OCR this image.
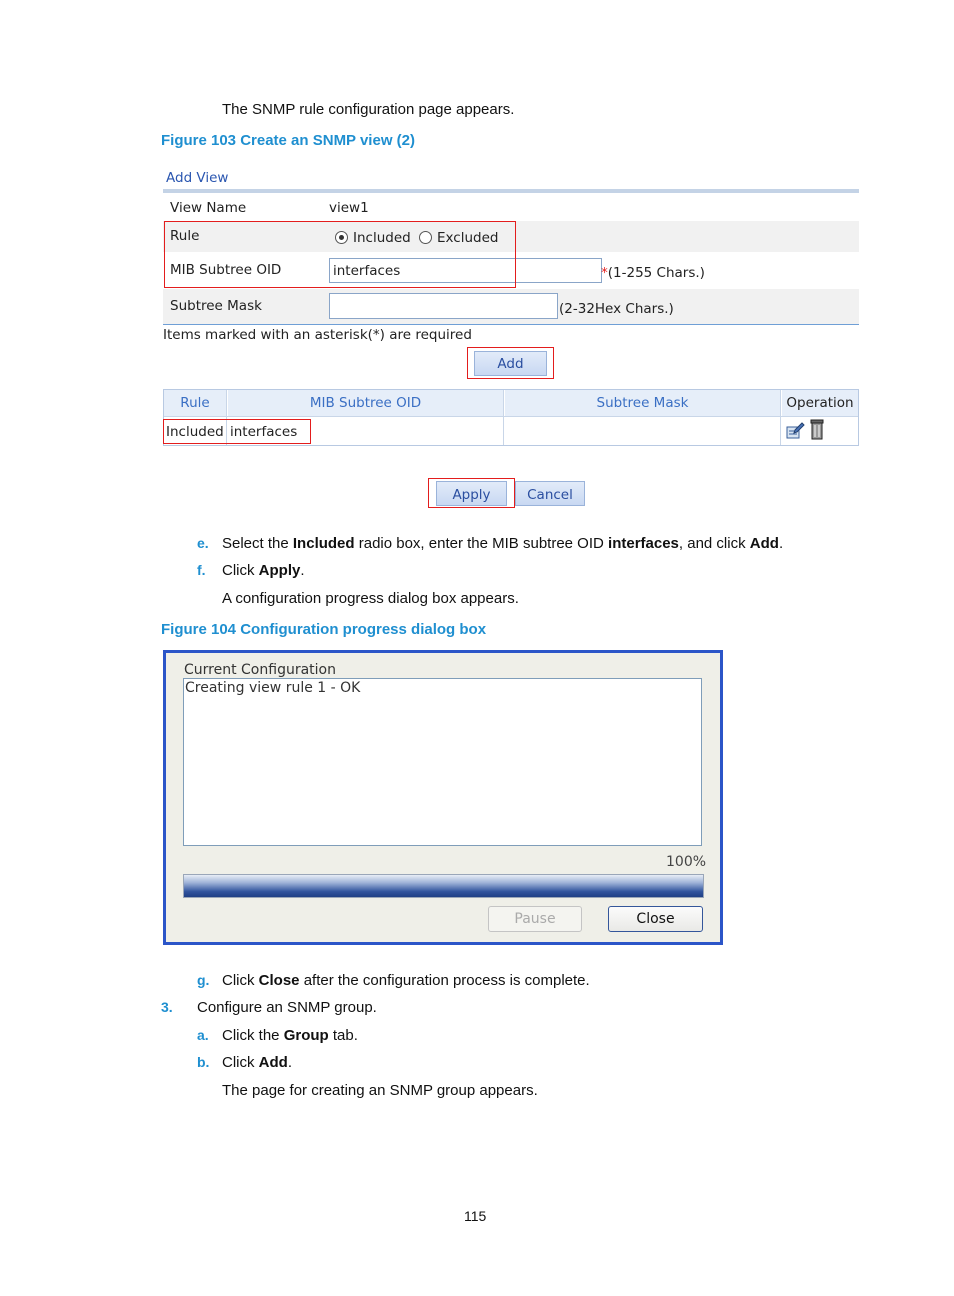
The SNMP rule configuration page appears.
Figure 103 Create an SNMP view (2)
Add View
View Name	view1
Rule	Included Excluded
MIB Subtree OID	interfaces	*(1-255 Chars.)
Subtree Mask	(2-32Hex Chars.)
Items marked with an asterisk(*) are required
Add
Rule	MIB Subtree OID	Subtree Mask	Operation
Included interfaces
Apply	Cancel
e. Select the Included radio box, enter the MIB subtree OID interfaces, and click Add.
f. Click Apply.
A configuration progress dialog box appears.
Figure 104 Configuration progress dialog box
Current Configuration
Creating view rule 1 - OK
100%
Pause	Close
g. Click Close after the configuration process is complete.
3. Configure an SNMP group.
a. Click the Group tab.
b. Click Add.
The page for creating an SNMP group appears.
115
